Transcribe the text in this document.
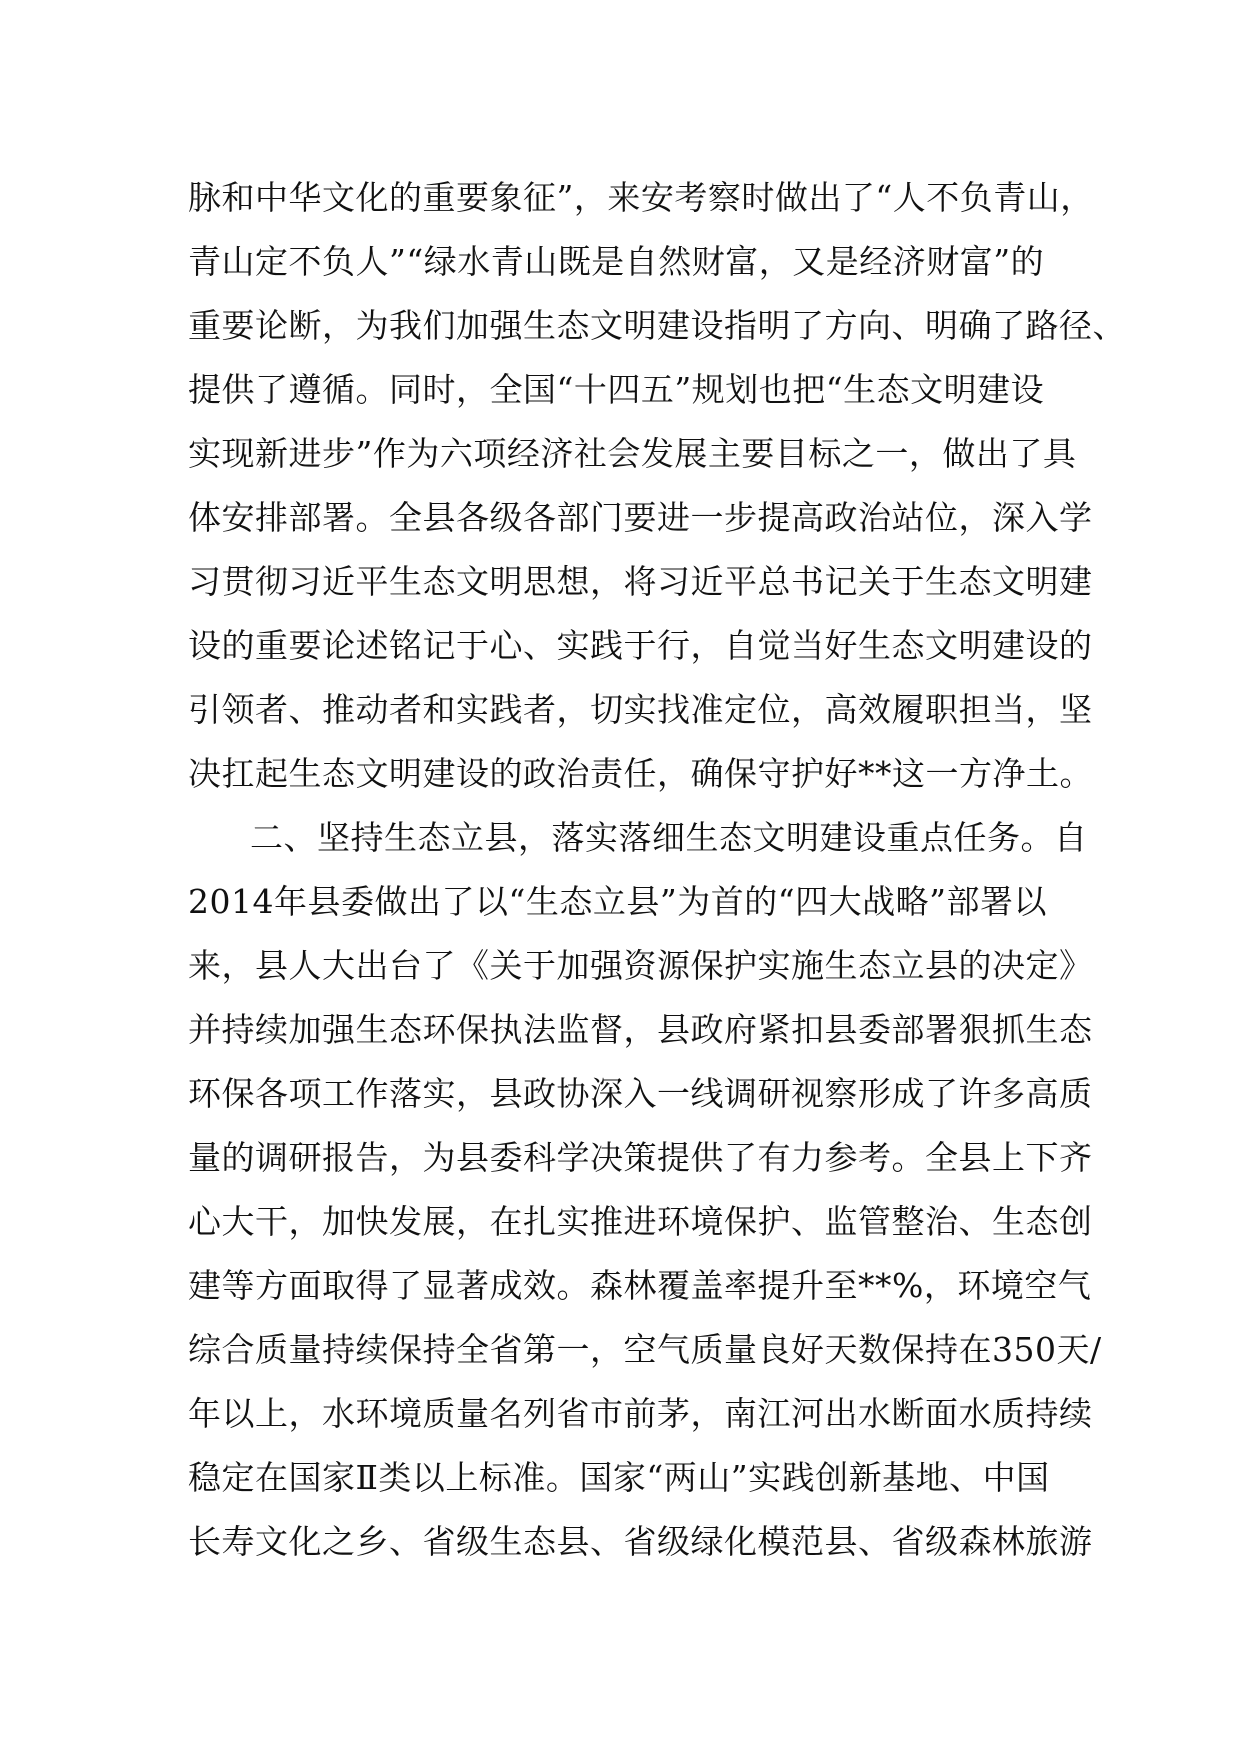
脉和中华文化的重要象征”，来安考察时做出了“人不负青山，
青山定不负人”“绿水青山既是自然财富，又是经济财富”的
重要论断，为我们加强生态文明建设指明了方向、明确了路径、
提供了遵循。同时，全国“十四五”规划也把“生态文明建设
实现新进步”作为六项经济社会发展主要目标之一，做出了具
体安排部署。全县各级各部门要进一步提高政治站位，深入学
习贯彻习近平生态文明思想，将习近平总书记关于生态文明建
设的重要论述铭记于心、实践于行，自觉当好生态文明建设的
引领者、推动者和实践者，切实找准定位，高效履职担当，坚
决扛起生态文明建设的政治责任，确保守护好**这一方净土。
二、坚持生态立县，落实落细生态文明建设重点任务。自
2014年县委做出了以“生态立县”为首的“四大战略”部署以
来，县人大出台了《关于加强资源保护实施生态立县的决定》
并持续加强生态环保执法监督，县政府紧扣县委部署狠抓生态
环保各项工作落实，县政协深入一线调研视察形成了许多高质
量的调研报告，为县委科学决策提供了有力参考。全县上下齐
心大干，加快发展，在扎实推进环境保护、监管整治、生态创
建等方面取得了显著成效。森林覆盖率提升至**%，环境空气
综合质量持续保持全省第一，空气质量良好天数保持在350天/
年以上，水环境质量名列省市前茅，南江河出水断面水质持续
稳定在国家Ⅱ类以上标准。国家“两山”实践创新基地、中国
长寿文化之乡、省级生态县、省级绿化模范县、省级森林旅游
